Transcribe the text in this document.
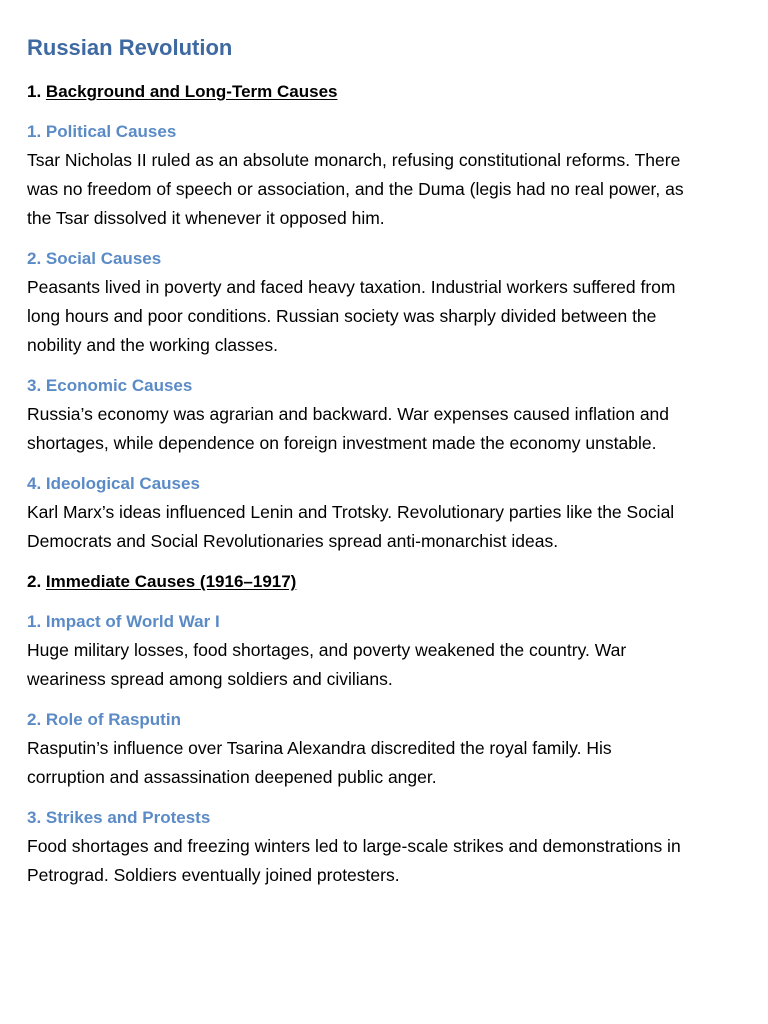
Russian Revolution
1. Background and Long-Term Causes
1. Political Causes

Tsar Nicholas II ruled as an absolute monarch, refusing constitutional reforms. There
was no freedom of speech or association, and the Duma (legis had no real power, as
the Tsar dissolved it whenever it opposed him.

2. Social Causes

Peasants lived in poverty and faced heavy taxation. Industrial workers suffered from
long hours and poor conditions. Russian society was sharply divided between the
nobility and the working classes.

3. Economic Causes

Russia’s economy was agrarian and backward. War expenses caused inflation and
shortages, while dependence on foreign investment made the economy unstable.

4. Ideological Causes

Karl Marx’s ideas influenced Lenin and Trotsky. Revolutionary parties like the Social
Democrats and Social Revolutionaries spread anti-monarchist ideas.

2. Immediate Causes (1916–1917)
1. Impact of World War I

Huge military losses, food shortages, and poverty weakened the country. War
weariness spread among soldiers and civilians.

2. Role of Rasputin

Rasputin’s influence over Tsarina Alexandra discredited the royal family. His
corruption and assassination deepened public anger.

3. Strikes and Protests

Food shortages and freezing winters led to large-scale strikes and demonstrations in
Petrograd. Soldiers eventually joined protesters.
